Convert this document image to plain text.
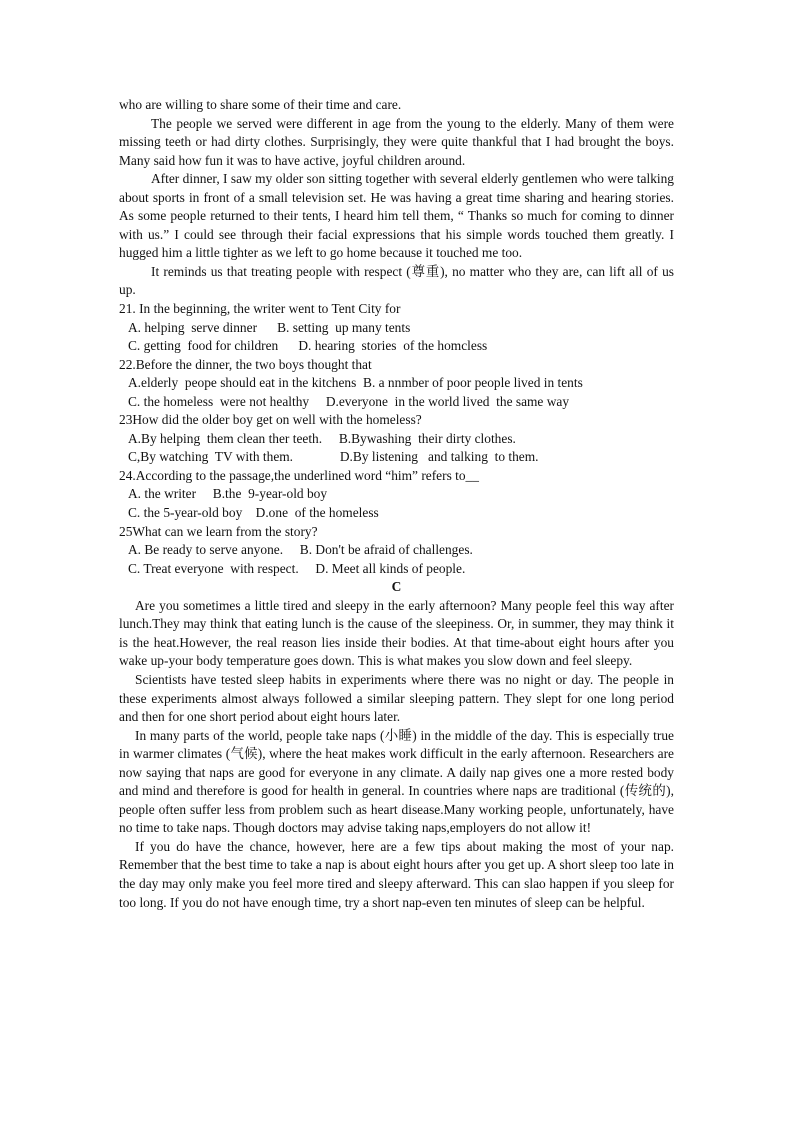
who are willing to share some of their time and care.

The people we served were different in age from the young to the elderly. Many of them were missing teeth or had dirty clothes. Surprisingly, they were quite thankful that I had brought the boys. Many said how fun it was to have active, joyful children around.

After dinner, I saw my older son sitting together with several elderly gentlemen who were talking about sports in front of a small television set. He was having a great time sharing and hearing stories. As some people returned to their tents, I heard him tell them, “ Thanks so much for coming to dinner with us.” I could see through their facial expressions that his simple words touched them greatly. I hugged him a little tighter as we left to go home because it touched me too.

It reminds us that treating people with respect (尊重), no matter who they are, can lift all of us up.

21. In the beginning, the writer went to Tent City for

A. helping  serve dinner      B. setting  up many tents

C. getting  food for children      D. hearing  stories  of the homcless

22.Before the dinner, the two boys thought that

A.elderly  peope should eat in the kitchens  B. a nnmber of poor people lived in tents

C. the homeless  were not healthy     D.everyone  in the world lived  the same way

23How did the older boy get on well with the homeless?

A.By helping  them clean ther teeth.     B.Bywashing  their dirty clothes.

C,By watching  TV with them.              D.By listening   and talking  to them.

24.According to the passage,the underlined word “him” refers to__

A. the writer     B.the  9-year-old boy

C. the 5-year-old boy    D.one  of the homeless

25What can we learn from the story?

A. Be ready to serve anyone.     B. Don't be afraid of challenges.

C. Treat everyone  with respect.     D. Meet all kinds of people.

C

Are you sometimes a little tired and sleepy in the early afternoon? Many people feel this way after lunch.They may think that eating lunch is the cause of the sleepiness. Or, in summer, they may think it is the heat.However, the real reason lies inside their bodies. At that time-about eight hours after you wake up-your body temperature goes down. This is what makes you slow down and feel sleepy.

Scientists have tested sleep habits in experiments where there was no night or day. The people in these experiments almost always followed a similar sleeping pattern. They slept for one long period and then for one short period about eight hours later.

In many parts of the world, people take naps (小睡) in the middle of the day. This is especially true in warmer climates (气候), where the heat makes work difficult in the early afternoon. Researchers are now saying that naps are good for everyone in any climate. A daily nap gives one a more rested body and mind and therefore is good for health in general. In countries where naps are traditional (传统的), people often suffer less from problem such as heart disease.Many working people, unfortunately, have no time to take naps. Though doctors may advise taking naps,employers do not allow it!

If you do have the chance, however, here are a few tips about making the most of your nap. Remember that the best time to take a nap is about eight hours after you get up. A short sleep too late in the day may only make you feel more tired and sleepy afterward. This can slao happen if you sleep for too long. If you do not have enough time, try a short nap-even ten minutes of sleep can be helpful.
